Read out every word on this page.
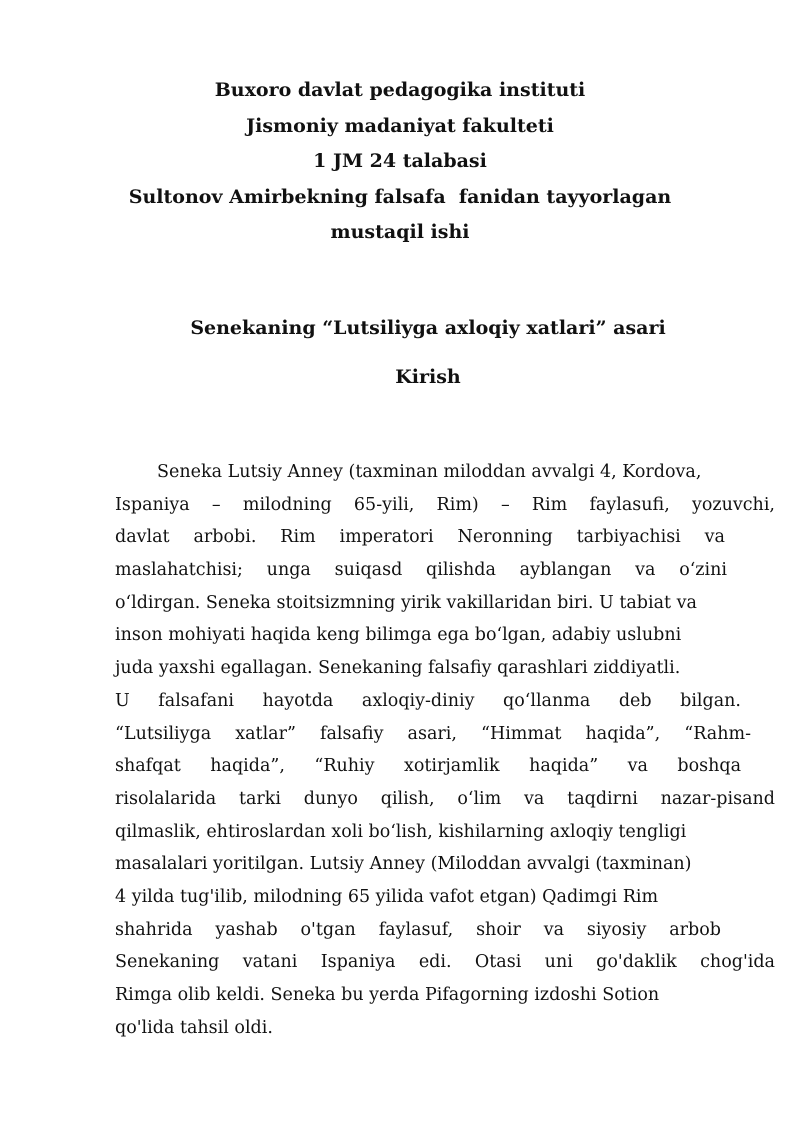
Buxoro davlat pedagogika instituti
Jismoniy madaniyat fakulteti
1 JM 24 talabasi
Sultonov Amirbekning falsafa  fanidan tayyorlagan
mustaqil ishi
Senekaning “Lutsiliyga axloqiy xatlari” asari
Kirish
Seneka Lutsiy Anney (taxminan miloddan avvalgi 4, Kordova,
Ispaniya – milodning 65-yili, Rim) – Rim faylasufi, yozuvchi,
davlat arbobi. Rim imperatori Neronning tarbiyachisi va
maslahatchisi; unga suiqasd qilishda ayblangan va oʻzini
oʻldirgan. Seneka stoitsizmning yirik vakillaridan biri. U tabiat va
inson mohiyati haqida keng bilimga ega boʻlgan, adabiy uslubni
juda yaxshi egallagan. Senekaning falsafiy qarashlari ziddiyatli.
U falsafani hayotda axloqiy-diniy qoʻllanma deb bilgan.
“Lutsiliyga xatlar” falsafiy asari, “Himmat haqida”, “Rahm-
shafqat haqida”, “Ruhiy xotirjamlik haqida” va boshqa
risolalarida tarki dunyo qilish, oʻlim va taqdirni nazar-pisand
qilmaslik, ehtiroslardan xoli boʻlish, kishilarning axloqiy tengligi
masalalari yoritilgan. Lutsiy Anney (Miloddan avvalgi (taxminan)
4 yilda tug'ilib, milodning 65 yilida vafot etgan) Qadimgi Rim
shahrida yashab o'tgan faylasuf, shoir va siyosiy arbob
Senekaning vatani Ispaniya edi. Otasi uni go'daklik chog'ida
Rimga olib keldi. Seneka bu yerda Pifagorning izdoshi Sotion
qo'lida tahsil oldi.
